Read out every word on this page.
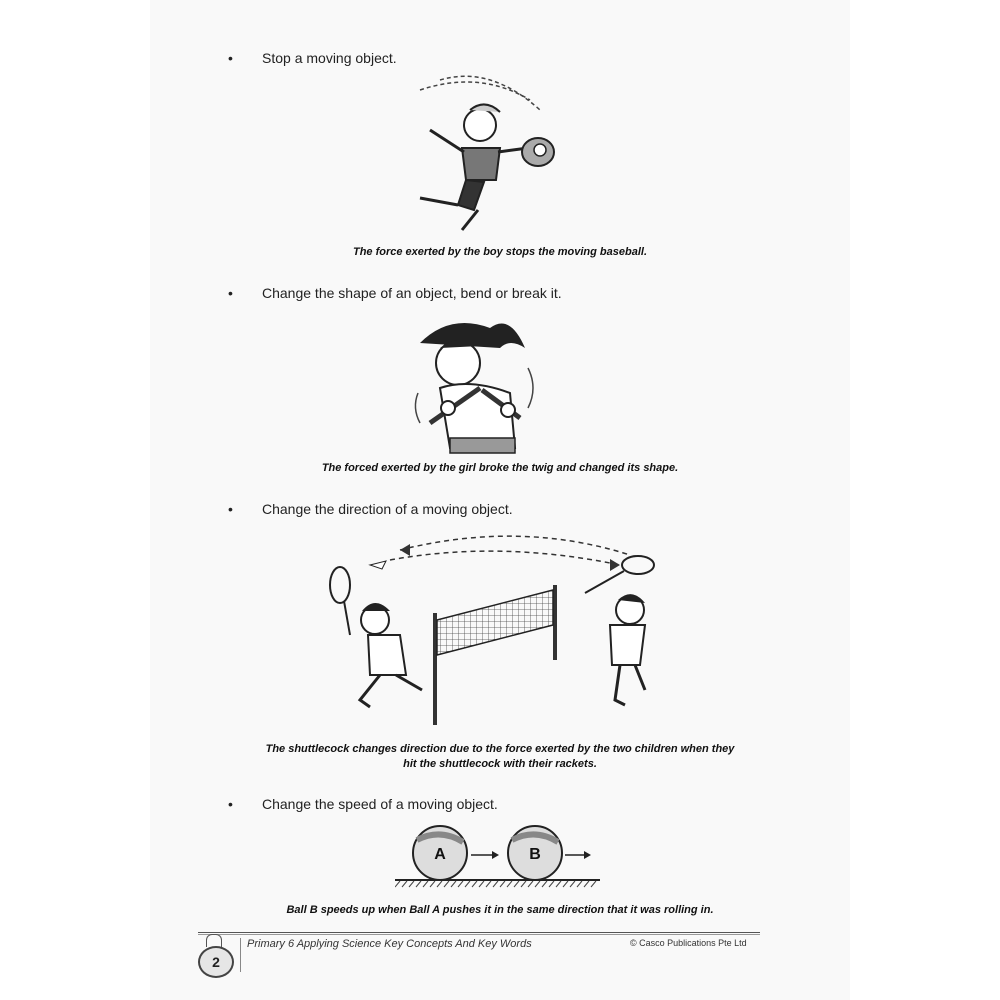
• Stop a moving object.
The force exerted by the boy stops the moving baseball.
• Change the shape of an object, bend or break it.
The forced exerted by the girl broke the twig and changed its shape.
• Change the direction of a moving object.
The shuttlecock changes direction due to the force exerted by the two children when they
hit the shuttlecock with their rackets.
• Change the speed of a moving object.
A	B
Ball B speeds up when Ball A pushes it in the same direction that it was rolling in.
2
Primary 6 Applying Science Key Concepts And Key Words	© Casco Publications Pte Ltd
